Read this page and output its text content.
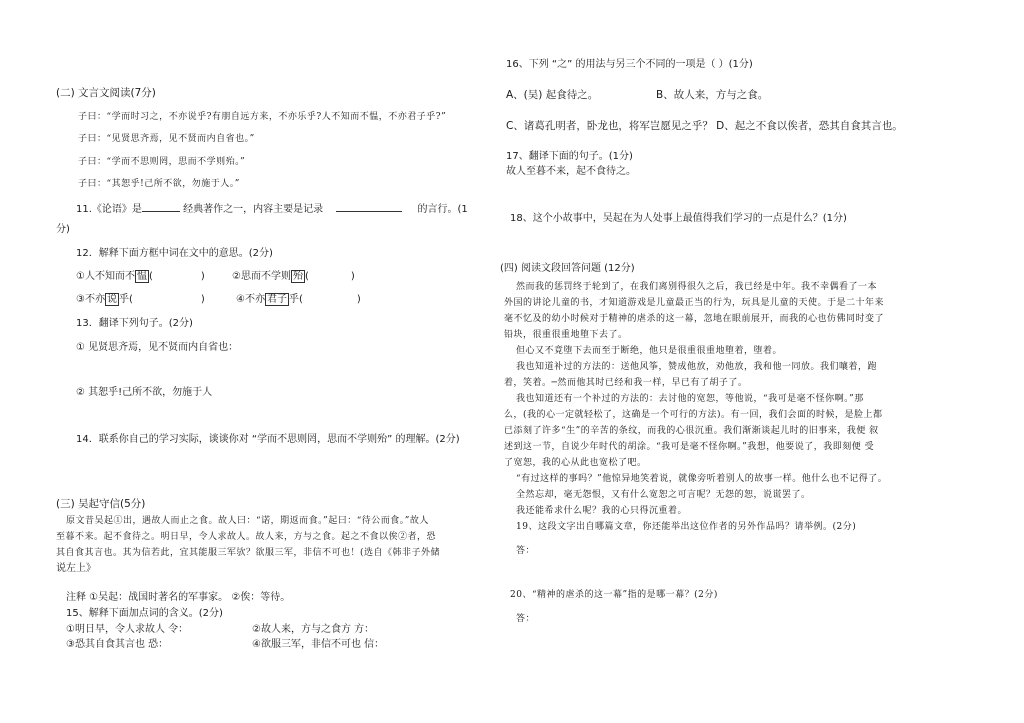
(二) 文言文阅读(7分)
子曰：“学而时习之，不亦说乎?有朋自远方来，不亦乐乎?人不知而不愠，不亦君子乎?”
子曰：“见贤思齐焉，见不贤而内自省也。”
子曰：“学而不思则罔，思而不学则殆。”
子曰：“其恕乎!己所不欲，勿施于人。”
11.《论语》是	经典著作之一，内容主要是记录	的言行。(1
分)
12．解释下面方框中词在文中的意思。(2分)
①人不知而不 愠 (	)	②思而不学则 殆 (	)
③不亦 说 乎(	)	④不亦 君子 乎(	)
13．翻译下列句子。(2分)
① 见贤思齐焉，见不贤而内自省也：
② 其恕乎!己所不欲，勿施于人
14．联系你自己的学习实际，谈谈你对 “学而不思则罔，思而不学则殆” 的理解。(2分)
(三) 吴起守信(5分)
原文昔吴起①出，遇故人而止之食。故人曰：“诺，期返而食。”起曰：“待公而食。”故人
至暮不来。起不食待之。明日早，令人求故人。故人来，方与之食。起之不食以俟②者，恐
其自食其言也。其为信若此，宜其能服三军欤？欲服三军，非信不可也！(选自《韩非子外储
说左上》
注释 ①吴起：战国时著名的军事家。 ②俟：等待。
15、解释下面加点词的含义。(2分)
①明日早，令人求故人 令：	②故人来，方与之食方 方：
③恐其自食其言也 恐：	④欲服三军，非信不可也 信：
16、下列 “之” 的用法与另三个不同的一项是（ ）(1分)
A、(吴) 起食待之。	B、故人来，方与之食。
C、诸葛孔明者，卧龙也，将军岂愿见之乎？ D、起之不食以俟者，恐其自食其言也。
17、翻译下面的句子。(1分)
故人至暮不来，起不食待之。
18、这个小故事中，吴起在为人处事上最值得我们学习的一点是什么？(1分)
(四) 阅读文段回答问题 (12分)
然而我的惩罚终于轮到了，在我们离别得很久之后，我已经是中年。我不幸偶看了一本
外国的讲论儿童的书，才知道游戏是儿童最正当的行为，玩具是儿童的天使。于是二十年来
毫不忆及的幼小时候对于精神的虐杀的这一幕，忽地在眼前展开，而我的心也仿佛同时变了
铅块，很重很重地堕下去了。
但心又不竟堕下去而至于断绝，他只是很重很重地堕着，堕着。
我也知道补过的方法的：送他风筝，赞成他放，劝他放，我和他一同放。我们嚷着，跑
着，笑着。─然而他其时已经和我一样，早已有了胡子了。
我也知道还有一个补过的方法的：去讨他的宽恕，等他说，“我可是毫不怪你啊。”那
么，(我的心一定就轻松了，这确是一个可行的方法)。有一回，我们会面的时候，是脸上都
已添刻了许多“生”的辛苦的条纹，而我的心很沉重。我们渐渐谈起儿时的旧事来，我便 叙
述到这一节，自说少年时代的胡涂。“我可是毫不怪你啊。”我想，他要说了，我即刻便 受
了宽恕，我的心从此也宽松了吧。
“有过这样的事吗？”他惊异地笑着说，就像旁听着别人的故事一样。他什么也不记得了。
全然忘却，毫无怨恨，又有什么宽恕之可言呢？无怨的恕，说谎罢了。
我还能希求什么呢？我的心只得沉重着。
19、这段文字出自哪篇文章，你还能举出这位作者的另外作品吗？请举例。(2分)
答：
20、“精神的虐杀的这一幕”指的是哪一幕？(2分)
答：
